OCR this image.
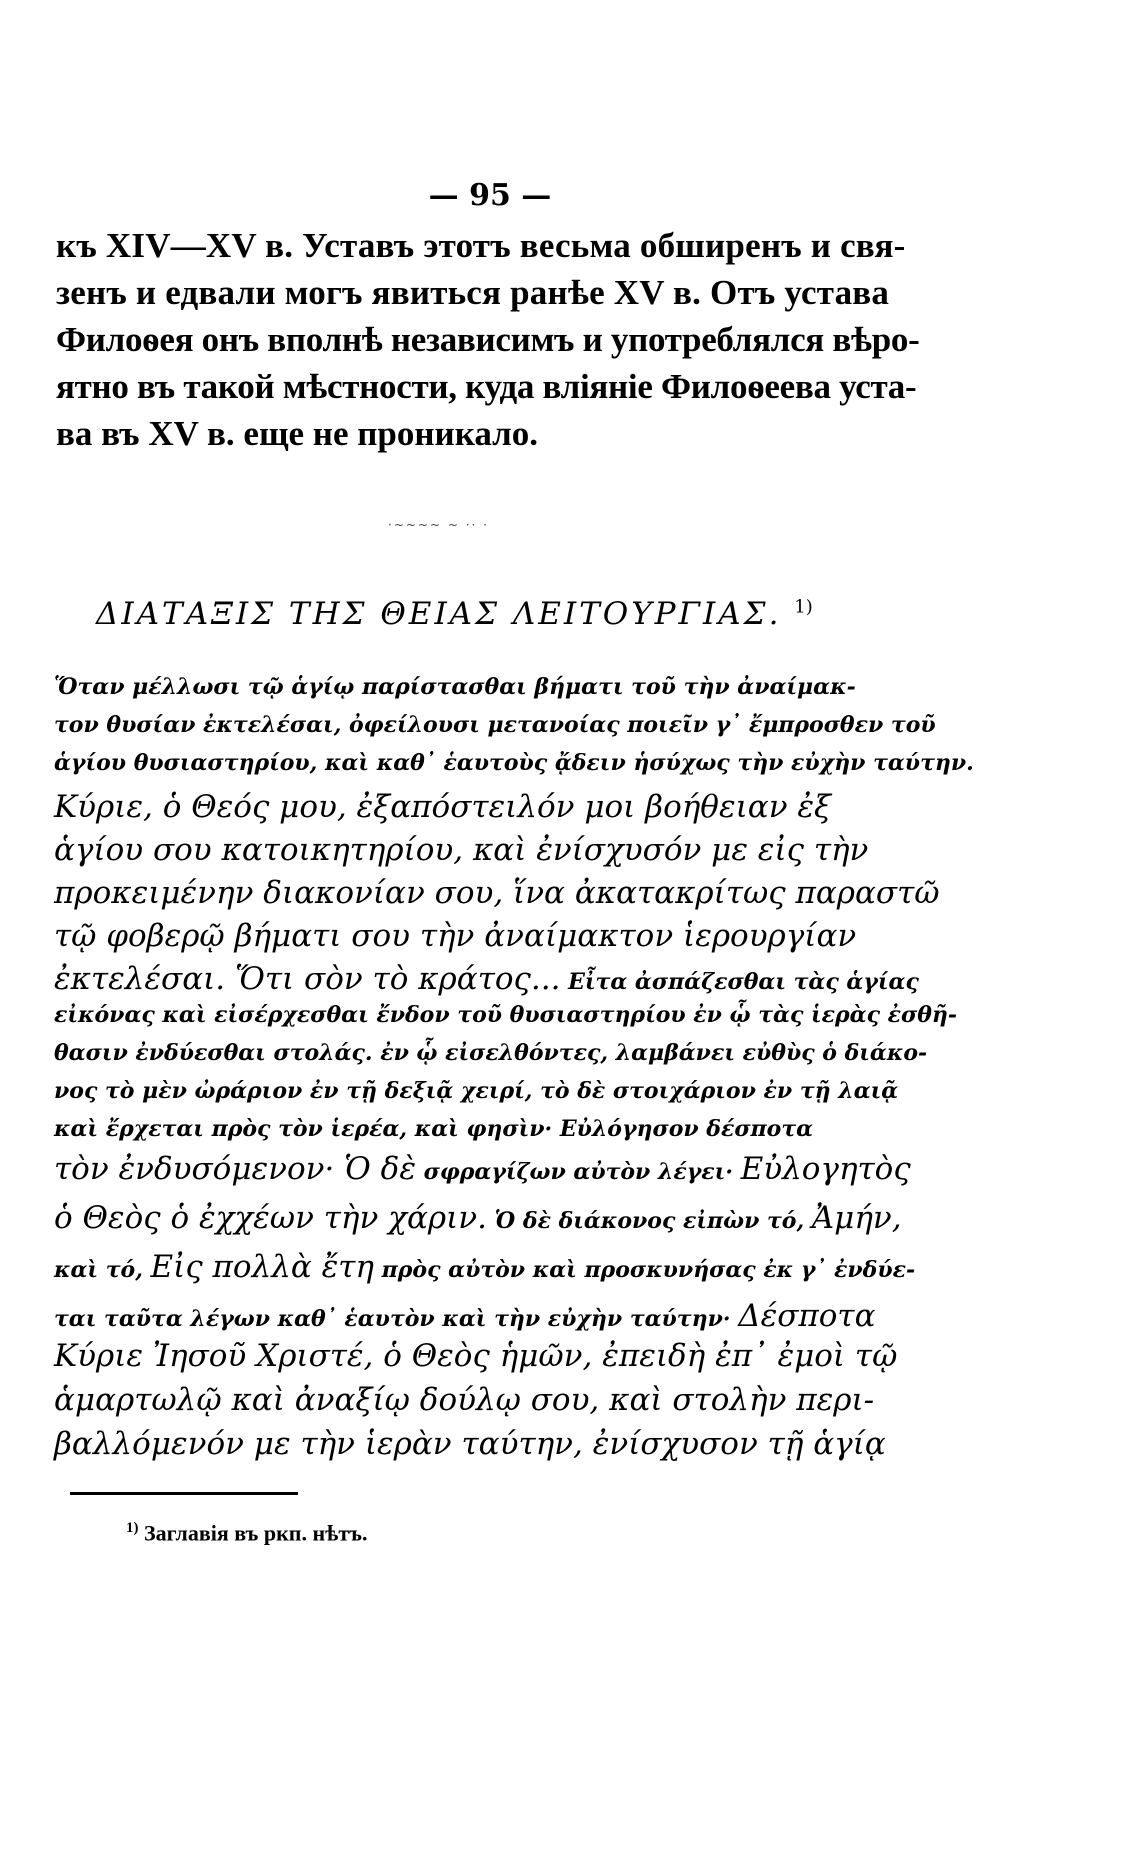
— 95 —
къ XIV—XV в. Уставъ этотъ весьма обширенъ и свя-
зенъ и едвали могъ явиться ранѣе XV в. Отъ устава
Филоѳея онъ вполнѣ независимъ и употреблялся вѣро-
ятно въ такой мѣстности, куда вліяніе Филоѳеева уста-
ва въ XV в. еще не проникало.
·~~~~ ~ ·· ·
ΔΙΑΤΑΞΙΣ ΤΗΣ ΘΕΙΑΣ ΛΕΙΤΟΥΡΓΙΑΣ. $^{1)}$
Ὅταν μέλλωσι τῷ ἁγίῳ παρίστασθαι βήματι τοῦ τὴν ἀναίμακ-
τον θυσίαν ἐκτελέσαι, ὀφείλουσι μετανοίας ποιεῖν γ᾽ ἔμπροσθεν τοῦ
ἁγίου θυσιαστηρίου, καὶ καθ᾽ ἑαυτοὺς ᾄδειν ἡσύχως τὴν εὐχὴν ταύτην.
Κύριε, ὁ Θεός μου, ἐξαπόστειλόν μοι βοήθειαν ἐξ
ἁγίου σου κατοικητηρίου, καὶ ἐνίσχυσόν με εἰς τὴν
προκειμένην διακονίαν σου, ἵνα ἀκατακρίτως παραστῶ
τῷ φοβερῷ βήματι σου τὴν ἀναίμακτον ἱερουργίαν
ἐκτελέσαι. Ὅτι σὸν τὸ κράτος... Εἶτα ἀσπάζεσθαι τὰς ἁγίας
εἰκόνας καὶ εἰσέρχεσθαι ἔνδον τοῦ θυσιαστηρίου ἐν ᾧ τὰς ἱερὰς ἐσθῆ-
θασιν ἐνδύεσθαι στολάς. ἐν ᾧ εἰσελθόντες, λαμβάνει εὐθὺς ὁ διάκο-
νος τὸ μὲν ὠράριον ἐν τῇ δεξιᾷ χειρί, τὸ δὲ στοιχάριον ἐν τῇ λαιᾷ
καὶ ἔρχεται πρὸς τὸν ἱερέα, καὶ φησὶν· Εὐλόγησον δέσποτα
τὸν ἐνδυσόμενον· Ὁ δὲ σφραγίζων αὐτὸν λέγει· Εὐλογητὸς
ὁ Θεὸς ὁ ἐχχέων τὴν χάριν. Ὁ δὲ διάκονος εἰπὼν τό, Ἀμήν,
καὶ τό, Εἰς πολλὰ ἔτη πρὸς αὐτὸν καὶ προσκυνήσας ἐκ γ᾽ ἐνδύε-
ται ταῦτα λέγων καθ᾽ ἑαυτὸν καὶ τὴν εὐχὴν ταύτην· Δέσποτα
Κύριε Ἰησοῦ Χριστέ, ὁ Θεὸς ἡμῶν, ἐπειδὴ ἐπ᾽ ἐμοὶ τῷ
ἁμαρτωλῷ καὶ ἀναξίῳ δούλῳ σου, καὶ στολὴν περι-
βαλλόμενόν με τὴν ἱερὰν ταύτην, ἐνίσχυσον τῇ ἁγίᾳ
$^{1)}$ Заглавія въ ркп. нѣтъ.
